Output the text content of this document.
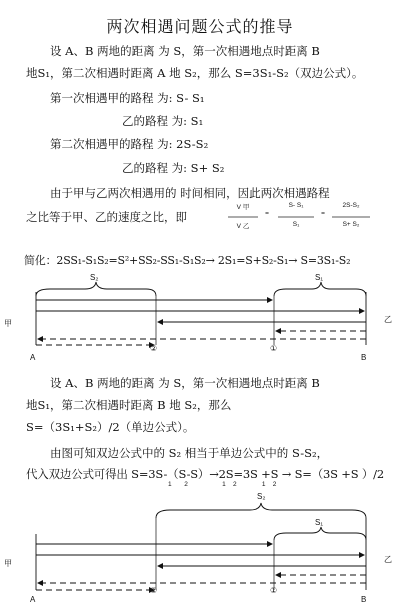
两次相遇问题公式的推导
设 A、B 两地的距离 为 S，第一次相遇地点时距离 B
地S₁，第二次相遇时距离 A 地 S₂，那么 S=3S₁-S₂（双边公式）。
第一次相遇甲的路程 为: S- S₁
乙的路程 为: S₁
第二次相遇甲的路程 为: 2S-S₂
乙的路程 为: S+ S₂
由于甲与乙两次相遇用的 时间相同，因此两次相遇路程
之比等于甲、乙的速度之比，即
V 甲
V 乙
=
S- S₁
S₁
=
2S-S₂
S+ S₂
简化：2SS₁-S₁S₂=S²+SS₂-SS₁-S₁S₂→ 2S₁=S+S₂-S₁→ S=3S₁-S₂
S₂	S₁
甲	乙
A	B
②	①
设 A、B 两地的距离 为 S，第一次相遇地点时距离 B
地S₁，第二次相遇时距离 B 地 S₂，那么
S=（3S₁+S₂）/2（单边公式）。
由图可知双边公式中的 S₂ 相当于单边公式中的 S-S₂，
代入双边公式可得出 S=3S-（S-S）→2S=3S +S → S=（3S +S ）/2
1       2                   1    2              1    2
S₂
S₁
甲	乙
A	B
②	①
